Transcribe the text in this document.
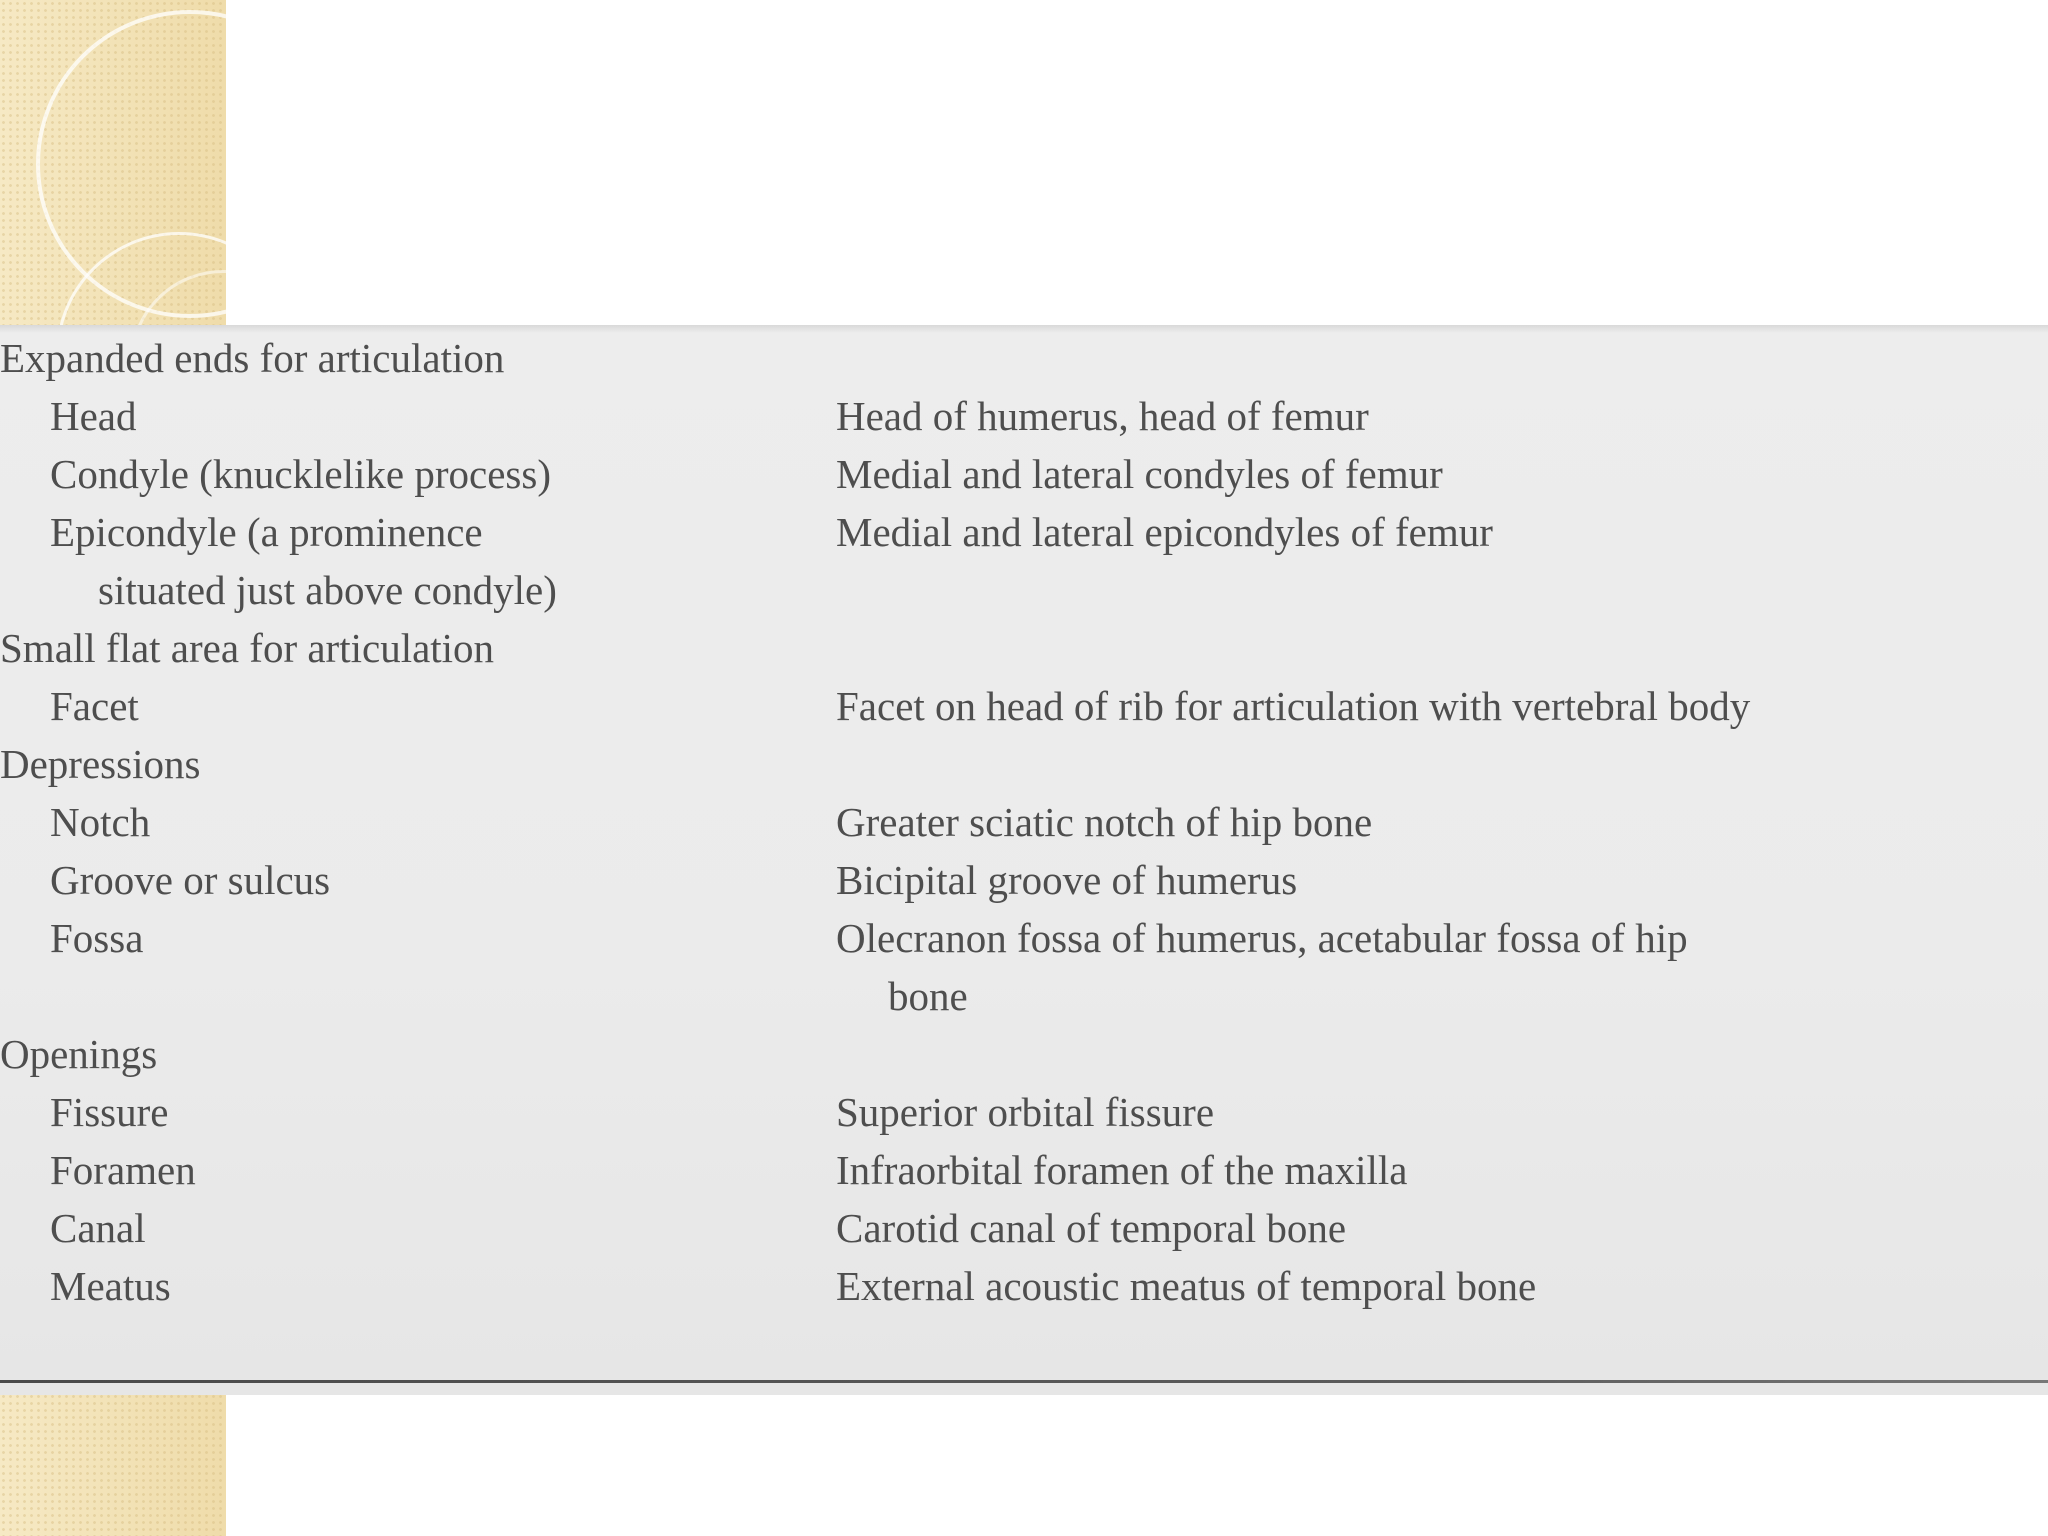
Expanded ends for articulation
Head	Head of humerus, head of femur
Condyle (knucklelike process)	Medial and lateral condyles of femur
Epicondyle (a prominence	Medial and lateral epicondyles of femur
situated just above condyle)
Small flat area for articulation
Facet	Facet on head of rib for articulation with vertebral body
Depressions
Notch	Greater sciatic notch of hip bone
Groove or sulcus	Bicipital groove of humerus
Fossa	Olecranon fossa of humerus, acetabular fossa of hip
bone
Openings
Fissure	Superior orbital fissure
Foramen	Infraorbital foramen of the maxilla
Canal	Carotid canal of temporal bone
Meatus	External acoustic meatus of temporal bone
